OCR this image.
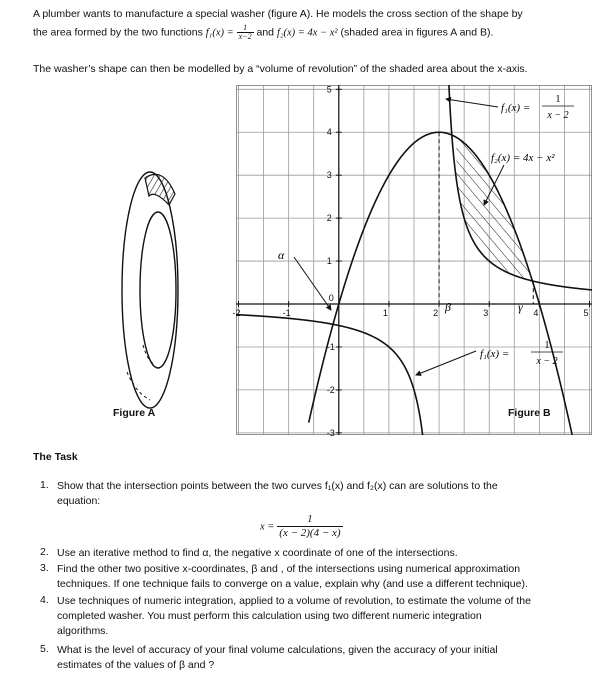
A plumber wants to manufacture a special washer (figure A). He models the cross section of the shape by
the area formed by the two functions $f_1(x) = \frac{1}{x-2}$ and f₂(x) = 4x − x² (shaded area in figures A and B).
The washer’s shape can then be modelled by a “volume of revolution” of the shaded area about the x-axis.
Figure A
-2	-1	1	2	3	4	5
5
4
3
2
1
-1
-2
-3
0
f₁(x) =
1
x − 2
f₂(x) = 4x − x²
f₁(x) =
1
x − 2
α
β	γ
Figure B
The Task
1. Show that the intersection points between the two curves f₁(x) and f₂(x) can are solutions to the
equation:
$x = \frac{1}{(x - 2)(4 - x)}$
2. Use an iterative method to find α, the negative x coordinate of one of the intersections.
3. Find the other two positive x-coordinates, β and , of the intersections using numerical approximation
techniques. If one technique fails to converge on a value, explain why (and use a different technique).
4. Use techniques of numeric integration, applied to a volume of revolution, to estimate the volume of the
completed washer. You must perform this calculation using two different numeric integration
algorithms.
5. What is the level of accuracy of your final volume calculations, given the accuracy of your initial
estimates of the values of β and ?
